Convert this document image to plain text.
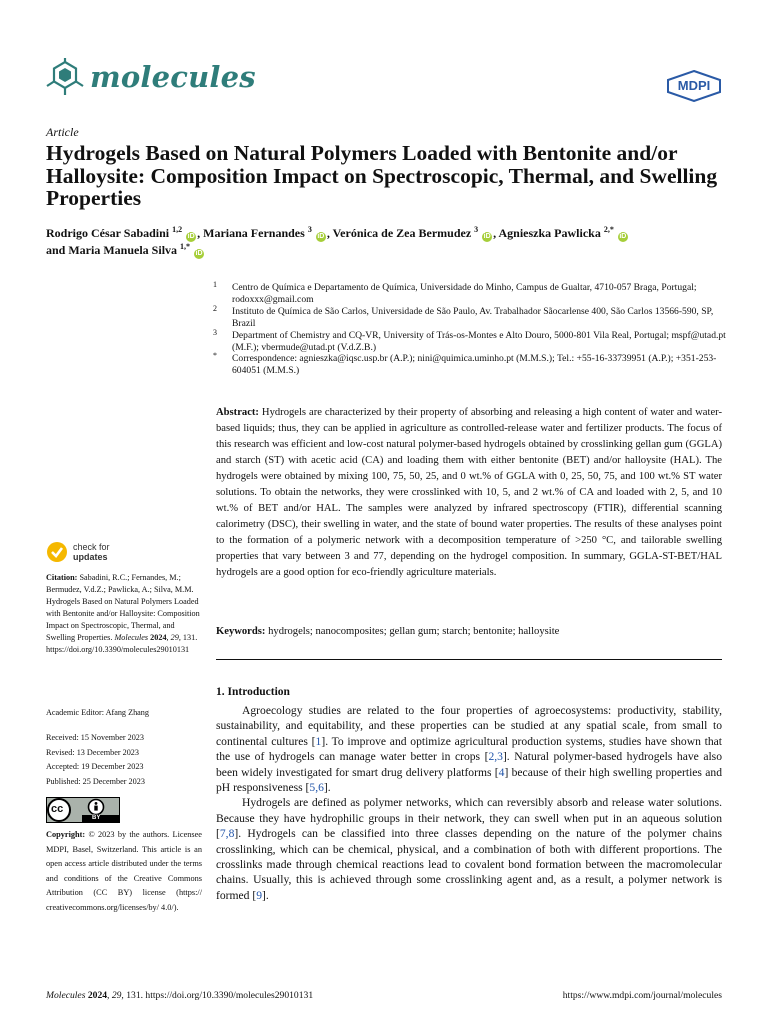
molecules	MDPI
Article
Hydrogels Based on Natural Polymers Loaded with Bentonite and/or Halloysite: Composition Impact on Spectroscopic, Thermal, and Swelling Properties
Rodrigo César Sabadini $^{1,2}$ iD , Mariana Fernandes $^3$ iD , Verónica de Zea Bermudez $^3$ iD , Agnieszka Pawlicka $^{2,*}$ iD
and Maria Manuela Silva $^{1,*}$ iD
1 Centro de Química e Departamento de Química, Universidade do Minho, Campus de Gualtar, 4710-057 Braga, Portugal; rodoxxx@gmail.com
2 Instituto de Química de São Carlos, Universidade de São Paulo, Av. Trabalhador Sãocarlense 400, São Carlos 13566-590, SP, Brazil
3 Department of Chemistry and CQ-VR, University of Trás-os-Montes e Alto Douro, 5000-801 Vila Real, Portugal; mspf@utad.pt (M.F.); vbermude@utad.pt (V.d.Z.B.)
* Correspondence: agnieszka@iqsc.usp.br (A.P.); nini@quimica.uminho.pt (M.M.S.); Tel.: +55-16-33739951 (A.P.); +351-253-604051 (M.M.S.)
Abstract: Hydrogels are characterized by their property of absorbing and releasing a high content of water and water-based liquids; thus, they can be applied in agriculture as controlled-release water and fertilizer products. The focus of this research was efficient and low-cost natural polymer-based hydrogels obtained by crosslinking gellan gum (GGLA) and starch (ST) with acetic acid (CA) and loading them with either bentonite (BET) and/or halloysite (HAL). The hydrogels were obtained by mixing 100, 75, 50, 25, and 0 wt.% of GGLA with 0, 25, 50, 75, and 100 wt.% ST water solutions. To obtain the networks, they were crosslinked with 10, 5, and 2 wt.% of CA and loaded with 2, 5, and 10 wt.% of BET and/or HAL. The samples were analyzed by infrared spectroscopy (FTIR), differential scanning calorimetry (DSC), their swelling in water, and the state of bound water properties. The results of these analyses point to the formation of a polymeric network with a decomposition temperature of >250 °C, and tailorable swelling properties that vary between 3 and 77, depending on the hydrogel composition. In summary, GGLA-ST-BET/HAL hydrogels are a good option for eco-friendly agriculture materials.
Keywords: hydrogels; nanocomposites; gellan gum; starch; bentonite; halloysite
1. Introduction

Agroecology studies are related to the four properties of agroecosystems: productivity, stability, sustainability, and equitability, and these properties can be studied at any spatial scale, from small to continental cultures [1]. To improve and optimize agricultural production systems, studies have shown that the use of hydrogels can manage water better in crops [2,3]. Natural polymer-based hydrogels have also been widely investigated for smart drug delivery platforms [4] because of their high swelling properties and pH responsiveness [5,6].

Hydrogels are defined as polymer networks, which can reversibly absorb and release water solutions. Because they have hydrophilic groups in their network, they can swell when put in an aqueous solution [7,8]. Hydrogels can be classified into three classes depending on the nature of the polymer chains crosslinking, which can be chemical, physical, and a combination of both with different proportions. The crosslinks made through chemical reactions lead to covalent bond formation between the macromolecular chains. Usually, this is achieved through some crosslinking agent and, as a result, a polymer network is formed [9].

check for
updates
Citation: Sabadini, R.C.; Fernandes, M.; Bermudez, V.d.Z.; Pawlicka, A.; Silva, M.M. Hydrogels Based on Natural Polymers Loaded with Bentonite and/or Halloysite: Composition Impact on Spectroscopic, Thermal, and Swelling Properties. Molecules 2024, 29, 131. https://doi.org/10.3390/molecules29010131
Academic Editor: Afang Zhang
Received: 15 November 2023
Revised: 13 December 2023
Accepted: 19 December 2023
Published: 25 December 2023
cc
BY
Copyright: © 2023 by the authors. Licensee MDPI, Basel, Switzerland. This article is an open access article distributed under the terms and conditions of the Creative Commons Attribution (CC BY) license (https:// creativecommons.org/licenses/by/ 4.0/).
Molecules 2024, 29, 131. https://doi.org/10.3390/molecules29010131	https://www.mdpi.com/journal/molecules
